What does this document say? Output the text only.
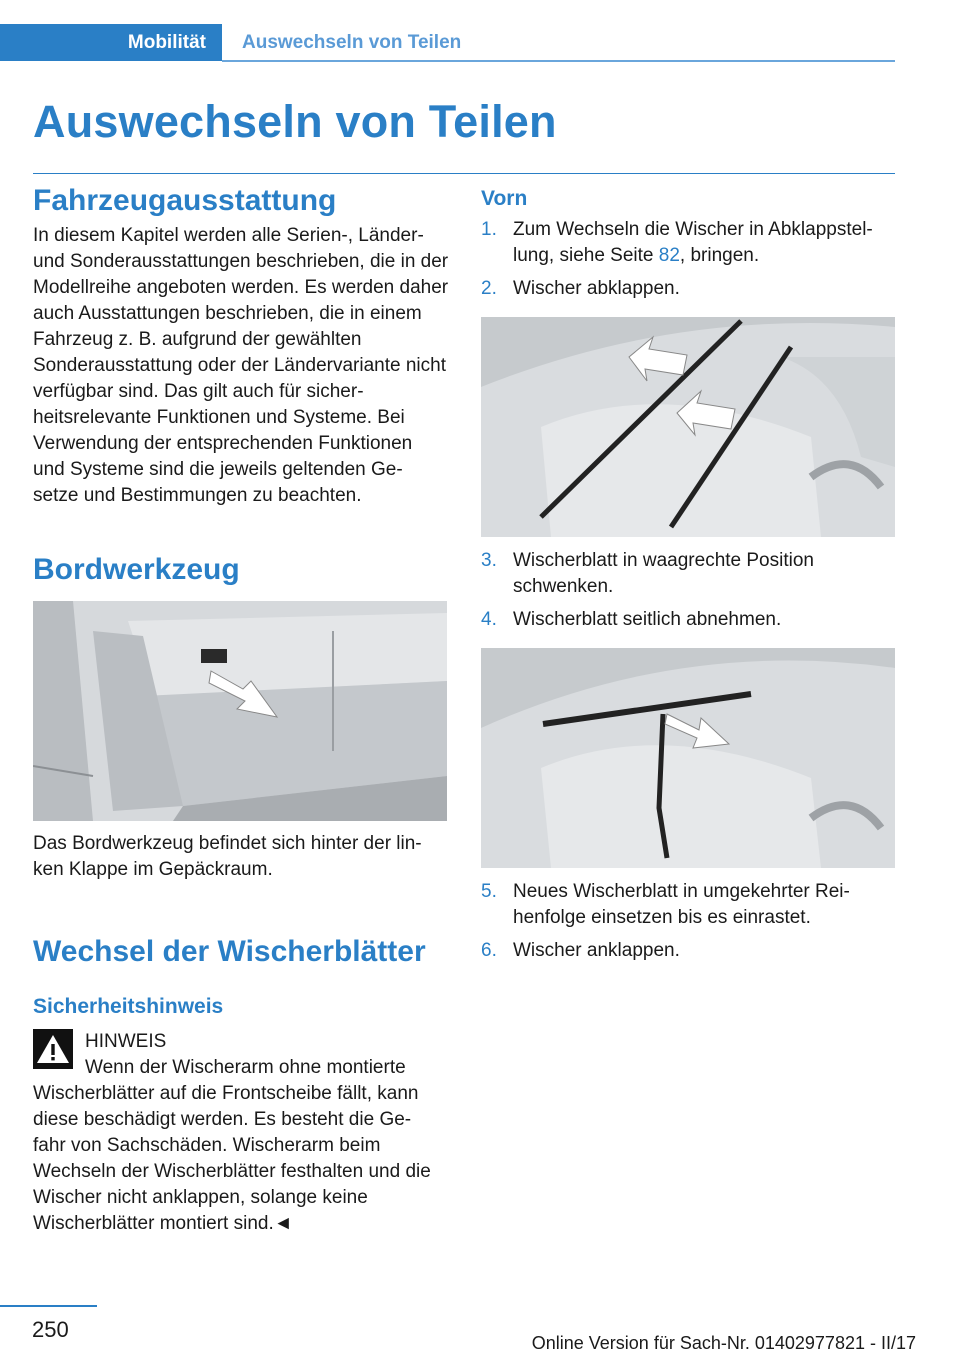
Mobilität	Auswechseln von Teilen
Auswechseln von Teilen
Fahrzeugausstattung

In diesem Kapitel werden alle Serien-, Länder- und Sonderausstattungen beschrieben, die in der Modellreihe angeboten werden. Es werden daher auch Ausstattungen beschrieben, die in einem Fahrzeug z. B. aufgrund der gewählten Sonderausstattung oder der Ländervariante nicht verfügbar sind. Das gilt auch für sicher- heitsrelevante Funktionen und Systeme. Bei Verwendung der entsprechenden Funktionen und Systeme sind die jeweils geltenden Ge- setze und Bestimmungen zu beachten.

Bordwerkzeug

Das Bordwerkzeug befindet sich hinter der lin- ken Klappe im Gepäckraum.

Wechsel der Wischerblätter
Sicherheitshinweis
HINWEIS
Wenn der Wischerarm ohne montierte

Wischerblätter auf die Frontscheibe fällt, kann diese beschädigt werden. Es besteht die Ge- fahr von Sachschäden. Wischerarm beim Wechseln der Wischerblätter festhalten und die Wischer nicht anklappen, solange keine Wischerblätter montiert sind.◄

Vorn
1. Zum Wechseln die Wischer in Abklappstel- lung, siehe Seite 82, bringen.
2. Wischer abklappen.
3. Wischerblatt in waagrechte Position schwenken.
4. Wischerblatt seitlich abnehmen.
5. Neues Wischerblatt in umgekehrter Rei- henfolge einsetzen bis es einrastet.
6. Wischer anklappen.
250
Online Version für Sach-Nr. 01402977821 - II/17
